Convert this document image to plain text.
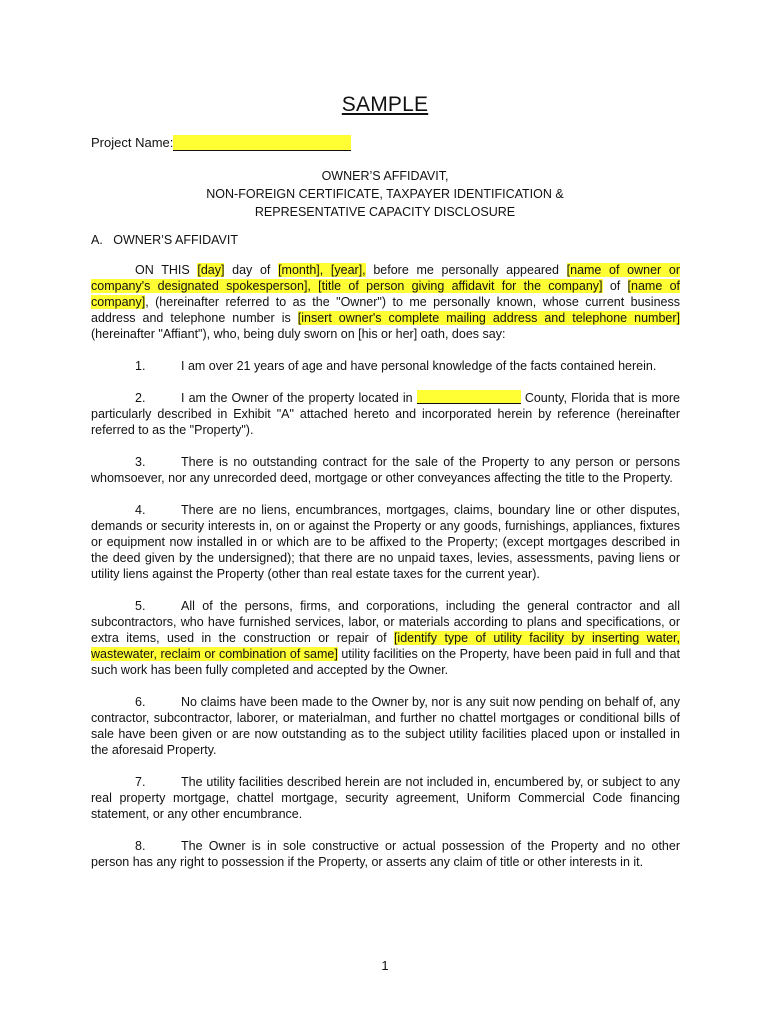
SAMPLE
Project Name:
OWNER’S AFFIDAVIT,
NON-FOREIGN CERTIFICATE, TAXPAYER IDENTIFICATION &
REPRESENTATIVE CAPACITY DISCLOSURE
A.   OWNER’S AFFIDAVIT

ON THIS [day] day of [month], [year], before me personally appeared [name of owner or company's designated spokesperson], [title of person giving affidavit for the company] of [name of company], (hereinafter referred to as the "Owner") to me personally known, whose current business address and telephone number is [insert owner's complete mailing address and telephone number] (hereinafter "Affiant"), who, being duly sworn on [his or her] oath, does say:

1.	I am over 21 years of age and have personal knowledge of the facts contained herein.

2.	I am the Owner of the property located in	County, Florida that is more particularly described in Exhibit "A" attached hereto and incorporated herein by reference (hereinafter referred to as the "Property").

3.	There is no outstanding contract for the sale of the Property to any person or persons whomsoever, nor any unrecorded deed, mortgage or other conveyances affecting the title to the Property.

4.	There are no liens, encumbrances, mortgages, claims, boundary line or other disputes, demands or security interests in, on or against the Property or any goods, furnishings, appliances, fixtures or equipment now installed in or which are to be affixed to the Property; (except mortgages described in the deed given by the undersigned); that there are no unpaid taxes, levies, assessments, paving liens or utility liens against the Property (other than real estate taxes for the current year).

5.	All of the persons, firms, and corporations, including the general contractor and all subcontractors, who have furnished services, labor, or materials according to plans and specifications, or extra items, used in the construction or repair of [identify type of utility facility by inserting water, wastewater, reclaim or combination of same] utility facilities on the Property, have been paid in full and that such work has been fully completed and accepted by the Owner.

6.	No claims have been made to the Owner by, nor is any suit now pending on behalf of, any contractor, subcontractor, laborer, or materialman, and further no chattel mortgages or conditional bills of sale have been given or are now outstanding as to the subject utility facilities placed upon or installed in the aforesaid Property.

7.	The utility facilities described herein are not included in, encumbered by, or subject to any real property mortgage, chattel mortgage, security agreement, Uniform Commercial Code financing statement, or any other encumbrance.

8.	The Owner is in sole constructive or actual possession of the Property and no other person has any right to possession if the Property, or asserts any claim of title or other interests in it.

1
